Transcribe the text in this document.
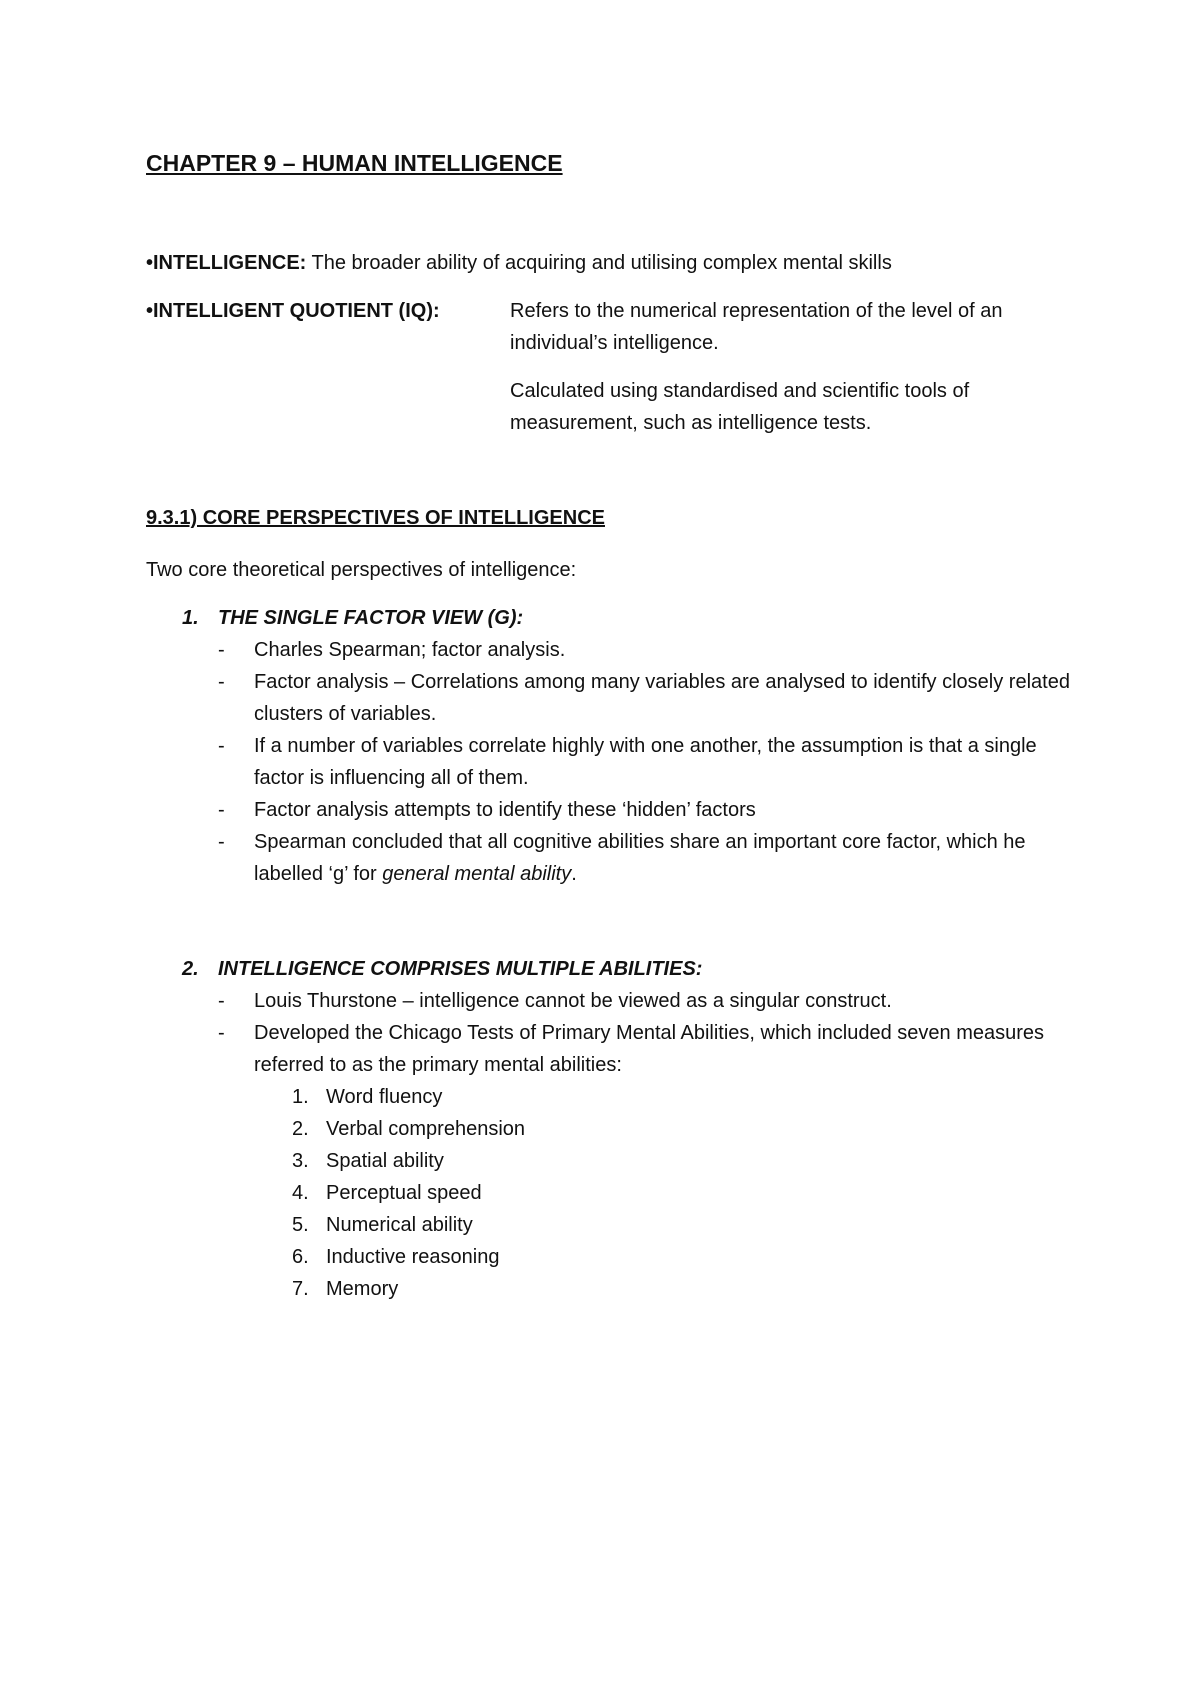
CHAPTER 9 – HUMAN INTELLIGENCE
•INTELLIGENCE: The broader ability of acquiring and utilising complex mental skills
•INTELLIGENT QUOTIENT (IQ):	Refers to the numerical representation of the level of an individual’s intelligence.
Calculated using standardised and scientific tools of measurement, such as intelligence tests.
9.3.1) CORE PERSPECTIVES OF INTELLIGENCE
Two core theoretical perspectives of intelligence:
1. THE SINGLE FACTOR VIEW (G):
- Charles Spearman; factor analysis.
- Factor analysis – Correlations among many variables are analysed to identify closely related clusters of variables.
- If a number of variables correlate highly with one another, the assumption is that a single factor is influencing all of them.
- Factor analysis attempts to identify these ‘hidden’ factors
- Spearman concluded that all cognitive abilities share an important core factor, which he labelled ‘g’ for general mental ability.
2. INTELLIGENCE COMPRISES MULTIPLE ABILITIES:
- Louis Thurstone – intelligence cannot be viewed as a singular construct.
- Developed the Chicago Tests of Primary Mental Abilities, which included seven measures referred to as the primary mental abilities:
1. Word fluency
2. Verbal comprehension
3. Spatial ability
4. Perceptual speed
5. Numerical ability
6. Inductive reasoning
7. Memory
